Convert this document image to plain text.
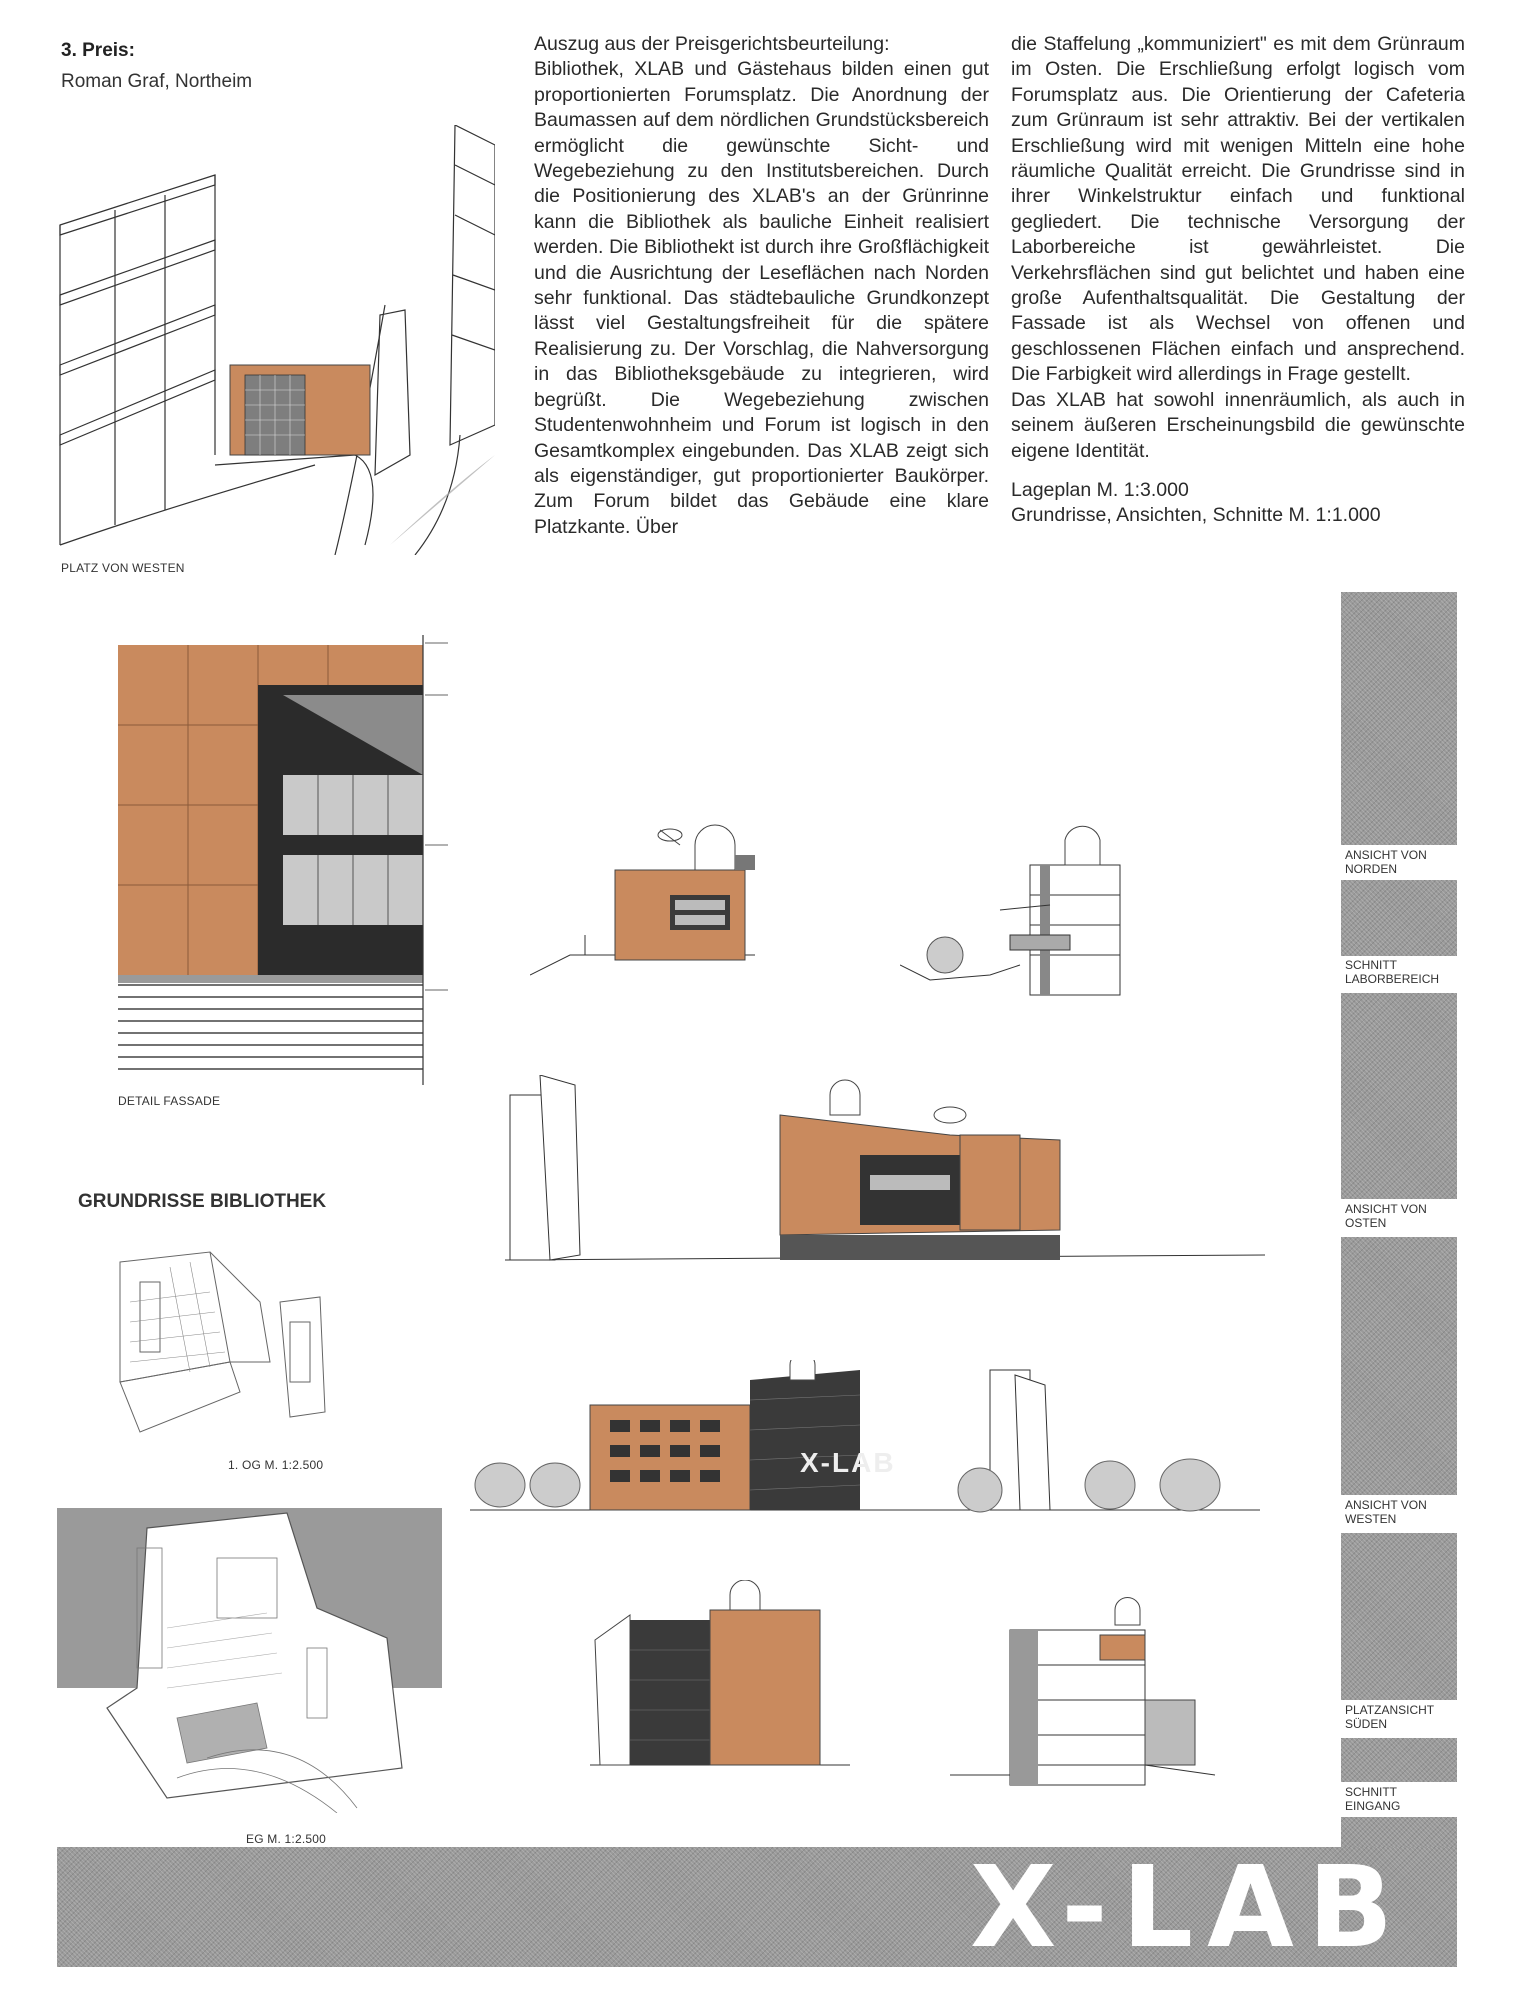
3. Preis:
Roman Graf, Northeim

Auszug aus der Preisgerichtsbeurteilung:

Bibliothek, XLAB und Gästehaus bilden einen gut proportionierten Forumsplatz. Die Anordnung der Baumassen auf dem nördlichen Grundstücksbereich ermöglicht die gewünschte Sicht- und Wegebeziehung zu den Institutsbereichen. Durch die Positionierung des XLAB's an der Grünrinne kann die Bibliothek als bauliche Einheit realisiert werden. Die Bibliothekt ist durch ihre Großflächigkeit und die Ausrichtung der Leseflächen nach Norden sehr funktional. Das städtebauliche Grundkonzept lässt viel Gestaltungsfreiheit für die spätere Realisierung zu. Der Vorschlag, die Nahversorgung in das Bibliotheksgebäude zu integrieren, wird begrüßt. Die Wegebeziehung zwischen Studentenwohnheim und Forum ist logisch in den Gesamtkomplex eingebunden. Das XLAB zeigt sich als eigenständiger, gut proportionierter Baukörper. Zum Forum bildet das Gebäude eine klare Platzkante. Über

die Staffelung „kommuniziert" es mit dem Grünraum im Osten. Die Erschließung erfolgt logisch vom Forumsplatz aus. Die Orientierung der Cafeteria zum Grünraum ist sehr attraktiv. Bei der vertikalen Erschließung wird mit wenigen Mitteln eine hohe räumliche Qualität erreicht. Die Grundrisse sind in ihrer Winkelstruktur einfach und funktional gegliedert. Die technische Versorgung der Laborbereiche ist gewährleistet. Die Verkehrsflächen sind gut belichtet und haben eine große Aufenthaltsqualität. Die Gestaltung der Fassade ist als Wechsel von offenen und geschlossenen Flächen einfach und ansprechend. Die Farbigkeit wird allerdings in Frage gestellt.

Das XLAB hat sowohl innenräumlich, als auch in seinem äußeren Erscheinungsbild die gewünschte eigene Identität.

Lageplan M. 1:3.000

Grundrisse, Ansichten, Schnitte M. 1:1.000

PLATZ VON WESTEN
ANSICHT VON
NORDEN
SCHNITT
LABORBEREICH
ANSICHT VON
OSTEN
ANSICHT VON
WESTEN
PLATZANSICHT
SÜDEN
SCHNITT
EINGANG
X-LAB
DETAIL FASSADE
GRUNDRISSE BIBLIOTHEK
1. OG M. 1:2.500
EG M. 1:2.500
X-LAB
